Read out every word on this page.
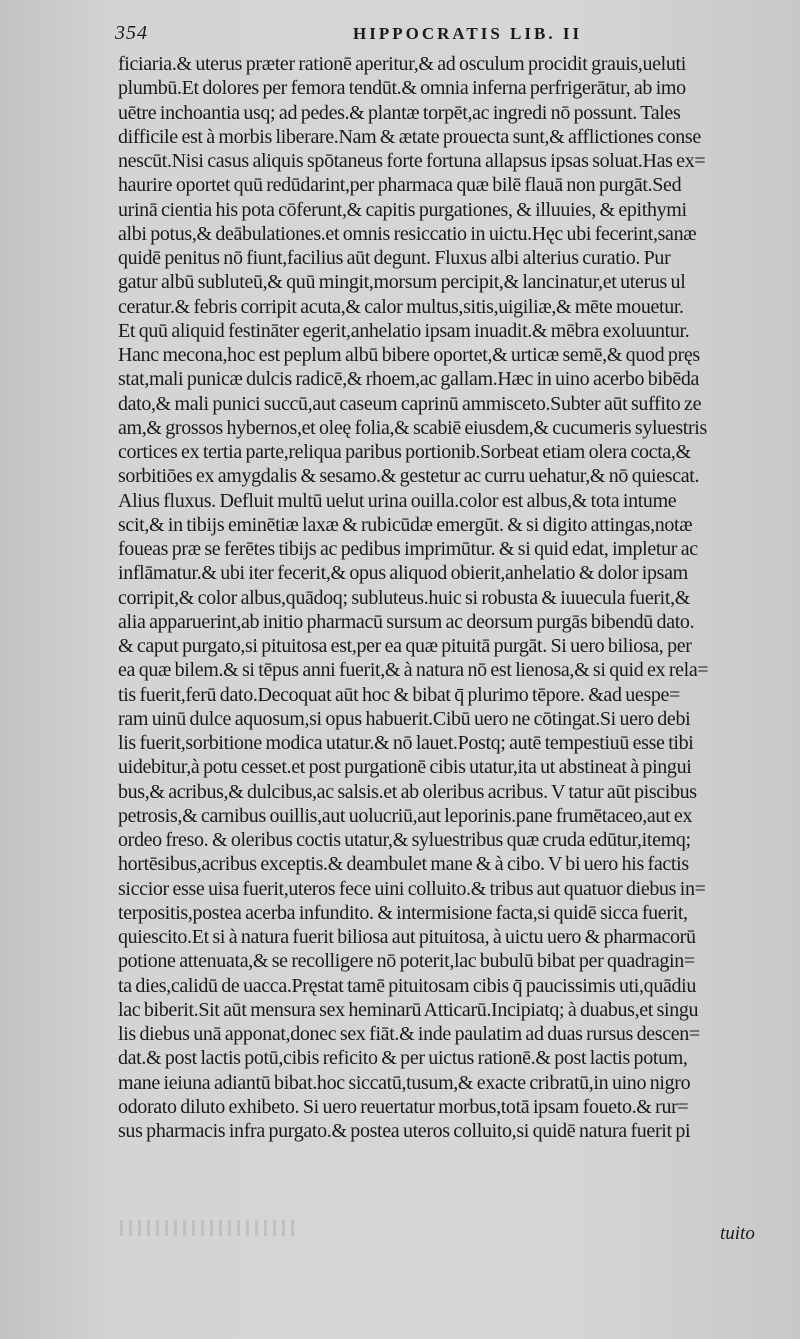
354	HIPPOCRATIS LIB. II
ficiaria.& uterus præter rationē aperitur,& ad osculum procidit grauis,ueluti
plumbū.Et dolores per femora tendūt.& omnia inferna perfrigerātur, ab imo
uētre inchoantia usq; ad pedes.& plantæ torpēt,ac ingredi nō possunt. Tales
difficile est à morbis liberare.Nam & ætate prouecta sunt,& afflictiones conse
nescūt.Nisi casus aliquis spōtaneus forte fortuna allapsus ipsas soluat.Has ex=
haurire oportet quū redūdarint,per pharmaca quæ bilē flauā non purgāt.Sed
urinā cientia his pota cōferunt,& capitis purgationes, & illuuies, & epithymi
albi potus,& deābulationes.et omnis resiccatio in uictu.Hęc ubi fecerint,sanæ
quidē penitus nō fiunt,facilius aūt degunt. Fluxus albi alterius curatio. Pur
gatur albū subluteū,& quū mingit,morsum percipit,& lancinatur,et uterus ul
ceratur.& febris corripit acuta,& calor multus,sitis,uigiliæ,& mēte mouetur.
Et quū aliquid festināter egerit,anhelatio ipsam inuadit.& mēbra exoluuntur.
Hanc mecona,hoc est peplum albū bibere oportet,& urticæ semē,& quod pręs
stat,mali punicæ dulcis radicē,& rhoem,ac gallam.Hæc in uino acerbo bibēda
dato,& mali punici succū,aut caseum caprinū ammisceto.Subter aūt suffito ze
am,& grossos hybernos,et oleę folia,& scabiē eiusdem,& cucumeris syluestris
cortices ex tertia parte,reliqua paribus portionib.Sorbeat etiam olera cocta,&
sorbitiōes ex amygdalis & sesamo.& gestetur ac curru uehatur,& nō quiescat.
Alius fluxus. Defluit multū uelut urina ouilla.color est albus,& tota intume
scit,& in tibijs eminētiæ laxæ & rubicūdæ emergūt. & si digito attingas,notæ
foueas præ se ferētes tibijs ac pedibus imprimūtur. & si quid edat, impletur ac
inflāmatur.& ubi iter fecerit,& opus aliquod obierit,anhelatio & dolor ipsam
corripit,& color albus,quādoq; subluteus.huic si robusta & iuuecula fuerit,&
alia apparuerint,ab initio pharmacū sursum ac deorsum purgās bibendū dato.
& caput purgato,si pituitosa est,per ea quæ pituitā purgāt. Si uero biliosa, per
ea quæ bilem.& si tēpus anni fuerit,& à natura nō est lienosa,& si quid ex rela=
tis fuerit,ferū dato.Decoquat aūt hoc & bibat q̄ plurimo tēpore. &ad uespe=
ram uinū dulce aquosum,si opus habuerit.Cibū uero ne cōtingat.Si uero debi
lis fuerit,sorbitione modica utatur.& nō lauet.Postq; autē tempestiuū esse tibi
uidebitur,à potu cesset.et post purgationē cibis utatur,ita ut abstineat à pingui
bus,& acribus,& dulcibus,ac salsis.et ab oleribus acribus. V tatur aūt piscibus
petrosis,& carnibus ouillis,aut uolucriū,aut leporinis.pane frumētaceo,aut ex
ordeo freso. & oleribus coctis utatur,& syluestribus quæ cruda edūtur,itemq;
hortēsibus,acribus exceptis.& deambulet mane & à cibo. V bi uero his factis
siccior esse uisa fuerit,uteros fece uini colluito.& tribus aut quatuor diebus in=
terpositis,postea acerba infundito. & intermisione facta,si quidē sicca fuerit,
quiescito.Et si à natura fuerit biliosa aut pituitosa, à uictu uero & pharmacorū
potione attenuata,& se recolligere nō poterit,lac bubulū bibat per quadragin=
ta dies,calidū de uacca.Pręstat tamē pituitosam cibis q̄ paucissimis uti,quādiu
lac biberit.Sit aūt mensura sex heminarū Atticarū.Incipiatq; à duabus,et singu
lis diebus unā apponat,donec sex fiāt.& inde paulatim ad duas rursus descen=
dat.& post lactis potū,cibis reficito & per uictus rationē.& post lactis potum,
mane ieiuna adiantū bibat.hoc siccatū,tusum,& exacte cribratū,in uino nigro
odorato diluto exhibeto. Si uero reuertatur morbus,totā ipsam foueto.& rur=
sus pharmacis infra purgato.& postea uteros colluito,si quidē natura fuerit pi
tuito
